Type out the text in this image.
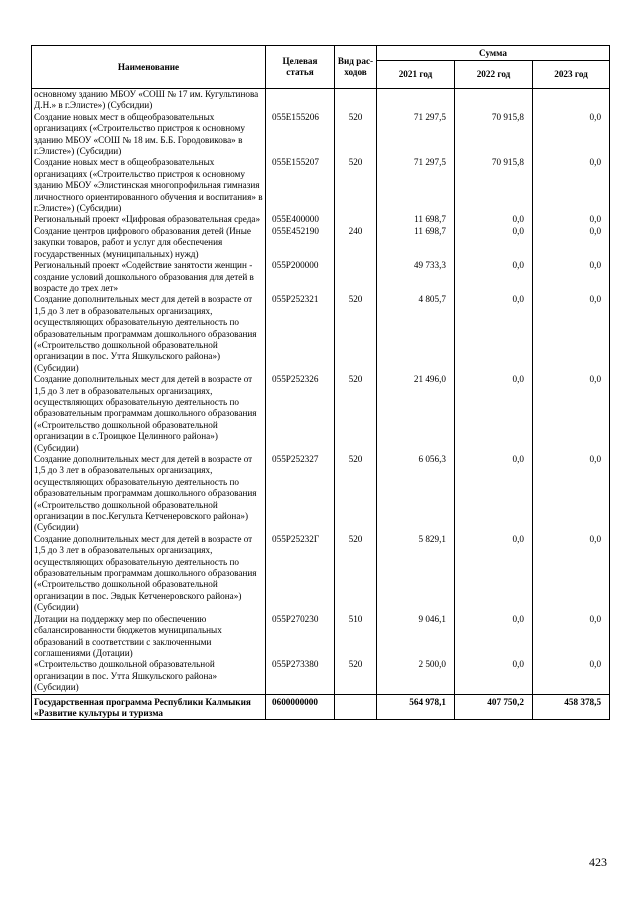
Наименование	Целевая статья	Вид рас-ходов	Сумма		
			2021 год	2022 год	2023 год
основному зданию МБОУ «СОШ № 17 им. Кугультинова Д.Н.» в г.Элисте») (Субсидии)					
Создание новых мест в общеобразовательных организациях («Строительство пристроя к основному зданию МБОУ «СОШ № 18 им. Б.Б. Городовикова» в г.Элисте») (Субсидии)	055Е155206	520	71 297,5	70 915,8	0,0
Создание новых мест в общеобразовательных организациях («Строительство пристроя к основному зданию МБОУ «Элистинская многопрофильная гимназия личностного ориентированного обучения и воспитания» в г.Элисте») (Субсидии)	055Е155207	520	71 297,5	70 915,8	0,0
Региональный проект «Цифровая образовательная среда»	055Е400000		11 698,7	0,0	0,0
Создание центров цифрового образования детей (Иные закупки товаров, работ и услуг для обеспечения государственных (муниципальных) нужд)	055Е452190	240	11 698,7	0,0	0,0
Региональный проект «Содействие занятости женщин - создание условий дошкольного образования для детей в возрасте до трех лет»	055Р200000		49 733,3	0,0	0,0
Создание дополнительных мест для детей в возрасте от 1,5 до 3 лет в образовательных организациях, осуществляющих образовательную деятельность по образовательным программам дошкольного образования («Строительство дошкольной образовательной организации в пос. Утта Яшкульского района») (Субсидии)	055Р252321	520	4 805,7	0,0	0,0
Создание дополнительных мест для детей в возрасте от 1,5 до 3 лет в образовательных организациях, осуществляющих образовательную деятельность по образовательным программам дошкольного образования («Строительство дошкольной образовательной организации в с.Троицкое Целинного района») (Субсидии)	055Р252326	520	21 496,0	0,0	0,0
Создание дополнительных мест для детей в возрасте от 1,5 до 3 лет в образовательных организациях, осуществляющих образовательную деятельность по образовательным программам дошкольного образования («Строительство дошкольной образовательной организации в пос.Кегульта Кетченеровского района») (Субсидии)	055Р252327	520	6 056,3	0,0	0,0
Создание дополнительных мест для детей в возрасте от 1,5 до 3 лет в образовательных организациях, осуществляющих образовательную деятельность по образовательным программам дошкольного образования («Строительство дошкольной образовательной организации в пос. Эвдык Кетченеровского района») (Субсидии)	055Р25232Г	520	5 829,1	0,0	0,0
Дотации на поддержку мер по обеспечению сбалансированности бюджетов муниципальных образований в соответствии с заключенными соглашениями (Дотации)	055Р270230	510	9 046,1	0,0	0,0
«Строительство дошкольной образовательной организации в пос. Утта Яшкульского района» (Субсидии)	055Р273380	520	2 500,0	0,0	0,0
Государственная программа Республики Калмыкия «Развитие культуры и туризма	0600000000		564 978,1	407 750,2	458 378,5
423
